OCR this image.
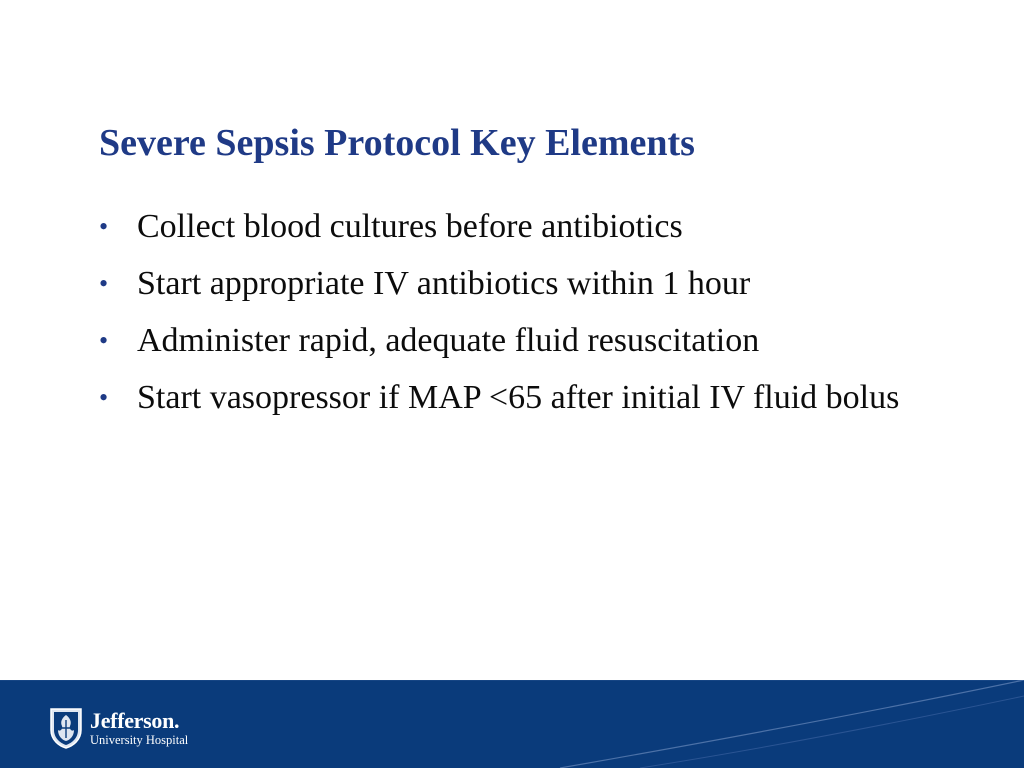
Severe Sepsis Protocol Key Elements
• Collect blood cultures before antibiotics
• Start appropriate IV antibiotics within 1 hour
• Administer rapid, adequate fluid resuscitation
• Start vasopressor if MAP <65 after initial IV fluid bolus
Jefferson.
University Hospital
